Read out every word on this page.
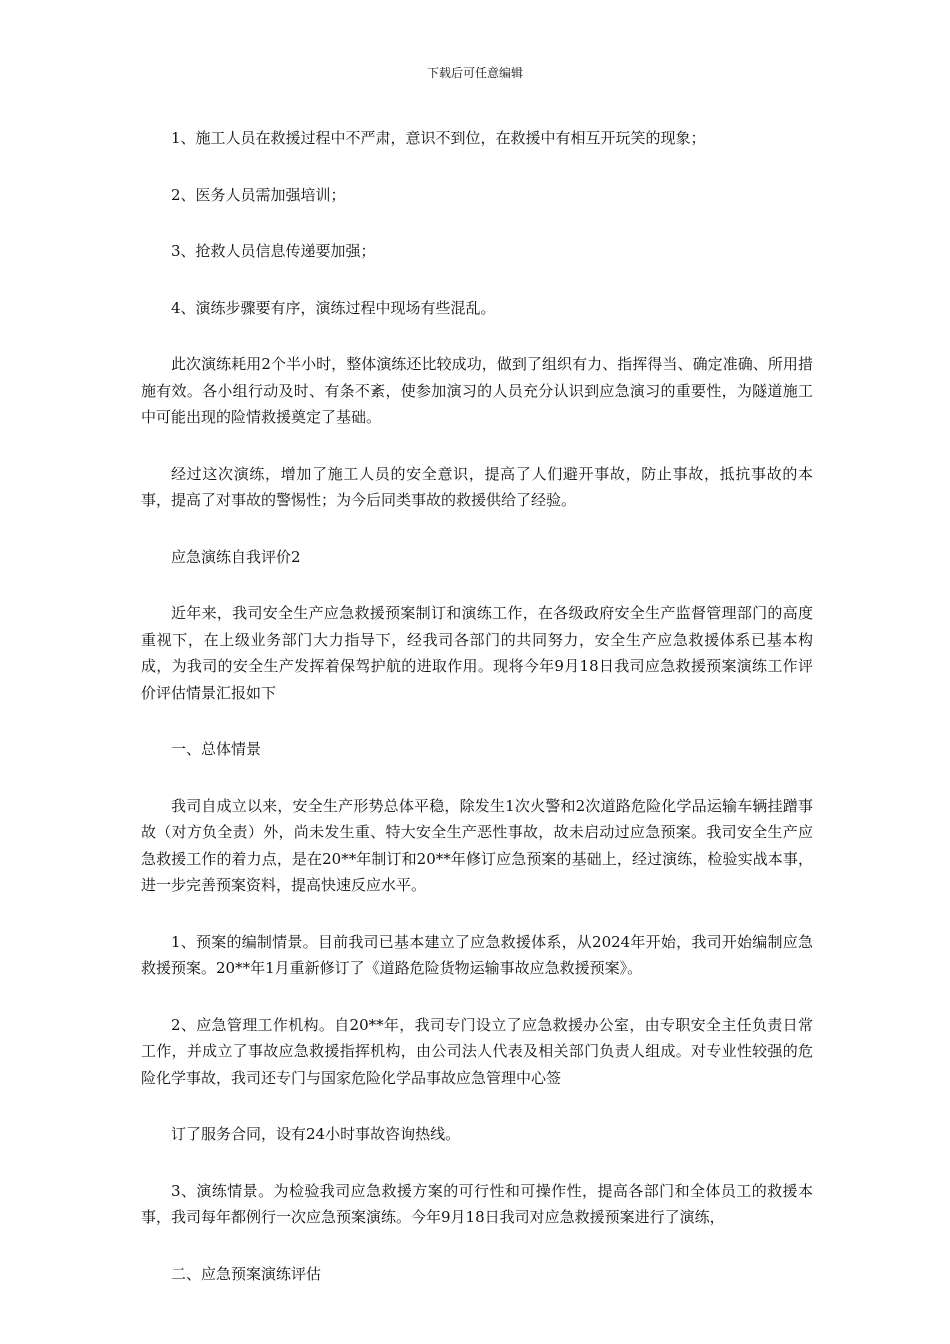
下载后可任意编辑

1、施工人员在救援过程中不严肃，意识不到位，在救援中有相互开玩笑的现象；

2、医务人员需加强培训；

3、抢救人员信息传递要加强；

4、演练步骤要有序，演练过程中现场有些混乱。

此次演练耗用2个半小时，整体演练还比较成功，做到了组织有力、指挥得当、确定准确、所用措施有效。各小组行动及时、有条不紊，使参加演习的人员充分认识到应急演习的重要性，为隧道施工中可能出现的险情救援奠定了基础。

经过这次演练，增加了施工人员的安全意识，提高了人们避开事故，防止事故，抵抗事故的本事，提高了对事故的警惕性；为今后同类事故的救援供给了经验。

应急演练自我评价2

近年来，我司安全生产应急救援预案制订和演练工作，在各级政府安全生产监督管理部门的高度重视下，在上级业务部门大力指导下，经我司各部门的共同努力，安全生产应急救援体系已基本构成，为我司的安全生产发挥着保驾护航的进取作用。现将今年9月18日我司应急救援预案演练工作评价评估情景汇报如下

一、总体情景

我司自成立以来，安全生产形势总体平稳，除发生1次火警和2次道路危险化学品运输车辆挂蹭事故（对方负全责）外，尚未发生重、特大安全生产恶性事故，故未启动过应急预案。我司安全生产应急救援工作的着力点，是在20**年制订和20**年修订应急预案的基础上，经过演练，检验实战本事，进一步完善预案资料，提高快速反应水平。

1、预案的编制情景。目前我司已基本建立了应急救援体系，从2024年开始，我司开始编制应急救援预案。20**年1月重新修订了《道路危险货物运输事故应急救援预案》。

2、应急管理工作机构。自20**年，我司专门设立了应急救援办公室，由专职安全主任负责日常工作，并成立了事故应急救援指挥机构，由公司法人代表及相关部门负责人组成。对专业性较强的危险化学事故，我司还专门与国家危险化学品事故应急管理中心签

订了服务合同，设有24小时事故咨询热线。

3、演练情景。为检验我司应急救援方案的可行性和可操作性，提高各部门和全体员工的救援本事，我司每年都例行一次应急预案演练。今年9月18日我司对应急救援预案进行了演练，

二、应急预案演练评估
